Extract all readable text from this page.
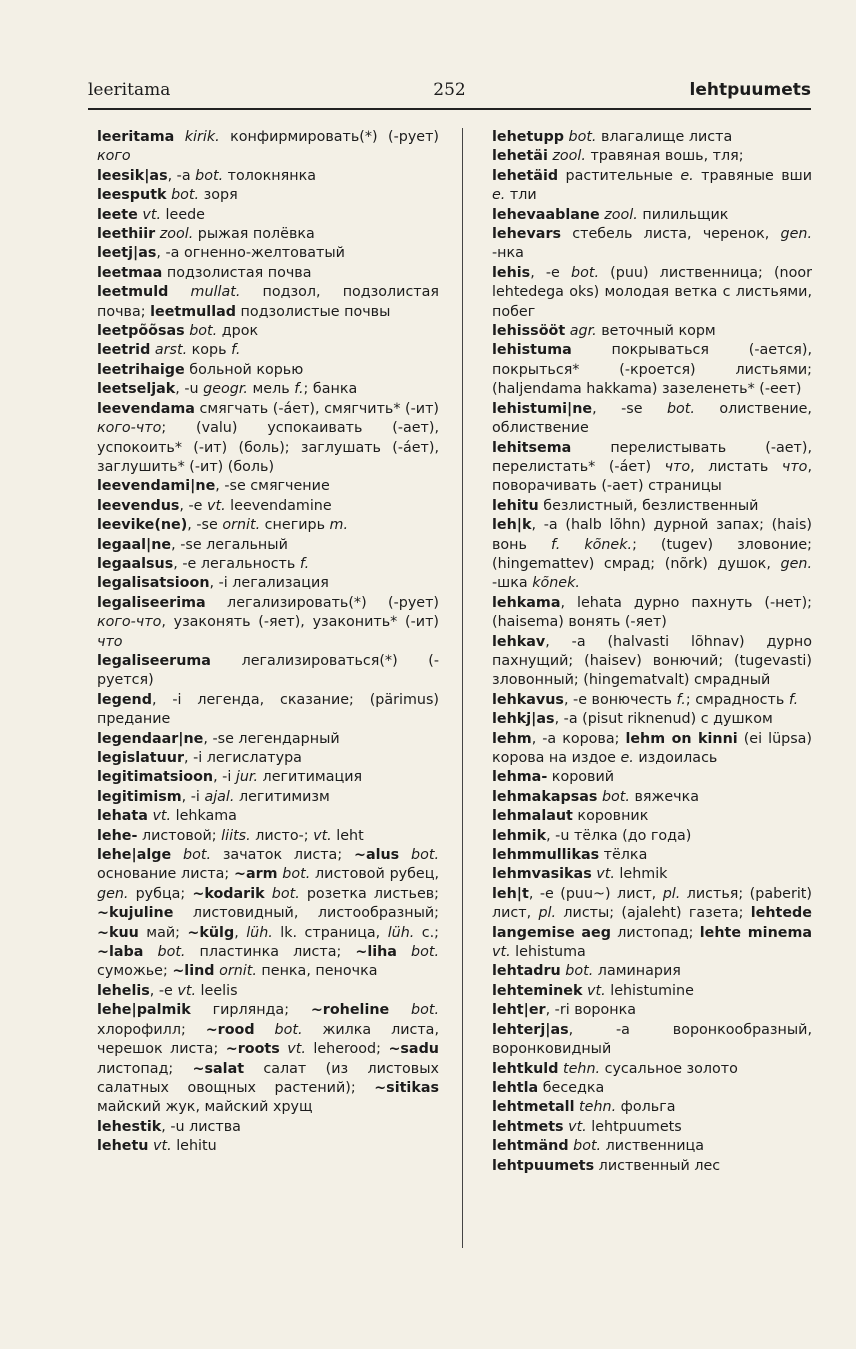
leeritama	252	lehtpuumets

leeritama kirik. конфирмировать(*) (-рует) кого

leesik|as, -a bot. толокнянка

leesputk bot. зоря

leete vt. leede

leethiir zool. рыжая полёвка

leetj|as, -a огненно-желтоватый

leetmaa подзолистая почва

leetmuld mullat. подзол, подзолистая почва; leetmullad подзолистые почвы

leetpõõsas bot. дрок

leetrid arst. корь f.

leetrihaige больной корью

leetseljak, -u geogr. мель f.; банка

leevendama смягчать (-áет), смягчить* (-ит) кого-что; (valu) успокаивать (-ает), успокоить* (-ит) (боль); заглушать (-áет), заглушить* (-ит) (боль)

leevendami|ne, -se смягчение

leevendus, -e vt. leevendamine

leevike(ne), -se ornit. снегирь m.

legaal|ne, -se легальный

legaalsus, -e легальность f.

legalisatsioon, -i легализация

legaliseerima легализировать(*) (-рует) кого-что, узаконять (-яет), узаконить* (-ит) что

legaliseeruma легализироваться(*) (-руется)

legend, -i легенда, сказание; (pärimus) предание

legendaar|ne, -se легендарный

legislatuur, -i легислатура

legitimatsioon, -i jur. легитимация

legitimism, -i ajal. легитимизм

lehata vt. lehkama

lehe- листовой; liits. листо-; vt. leht

lehe|alge bot. зачаток листа; ~alus bot. основание листа; ~arm bot. листовой рубец, gen. рубца; ~kodarik bot. розетка листьев; ~kujuline листовидный, листообразный; ~kuu май; ~külg, lüh. lk. страница, lüh. с.; ~laba bot. пластинка листа; ~liha bot. суможье; ~lind ornit. пенка, пеночка

lehelis, -e vt. leelis

lehe|palmik гирлянда; ~roheline bot. хлорофилл; ~rood bot. жилка листа, черешок листа; ~roots vt. leherood; ~sadu листопад; ~salat салат (из листовых салатных овощных растений); ~sitikas майский жук, майский хрущ

lehestik, -u листва

lehetu vt. lehitu

lehetupp bot. влагалище листа

lehetäi zool. травяная вошь, тля;

lehetäid растительные e. травяные вши e. тли

lehevaablane zool. пилильщик

lehevars стебель листа, черенок, gen. -нка

lehis, -e bot. (puu) лиственница; (noor lehtedega oks) молодая ветка с листьями, побег

lehissööt agr. веточный корм

lehistuma покрываться (-ается), покрыться* (-кроется) листьями; (haljendama hakkama) зазеленеть* (-еет)

lehistumi|ne, -se bot. олиствение, облиствение

lehitsema перелистывать (-ает), перелистать* (-áет) что, листать что, поворачивать (-ает) страницы

lehitu безлистный, безлиственный

leh|k, -a (halb lõhn) дурной запах; (hais) вонь f. kõnek.; (tugev) зловоние; (hingemattev) смрад; (nõrk) душок, gen. -шка kõnek.

lehkama, lehata дурно пахнуть (-нет); (haisema) вонять (-яет)

lehkav, -a (halvasti lõhnav) дурно пахнущий; (haisev) вонючий; (tugevasti) зловонный; (hingematvalt) смрадный

lehkavus, -e вонючесть f.; смрадность f.

lehkj|as, -a (pisut riknenud) с душком

lehm, -a корова; lehm on kinni (ei lüpsa) корова на издое e. издоилась

lehma- коровий

lehmakapsas bot. вяжечка

lehmalaut коровник

lehmik, -u тёлка (до года)

lehmmullikas тёлка

lehmvasikas vt. lehmik

leh|t, -e (puu~) лист, pl. листья; (paberit) лист, pl. листы; (ajaleht) газета; lehtede langemise aeg листопад; lehte minema vt. lehistuma

lehtadru bot. ламинария

lehteminek vt. lehistumine

leht|er, -ri воронка

lehterj|as, -a воронкообразный, воронковидный

lehtkuld tehn. сусальное золото

lehtla беседка

lehtmetall tehn. фольга

lehtmets vt. lehtpuumets

lehtmänd bot. лиственница

lehtpuumets лиственный лес
